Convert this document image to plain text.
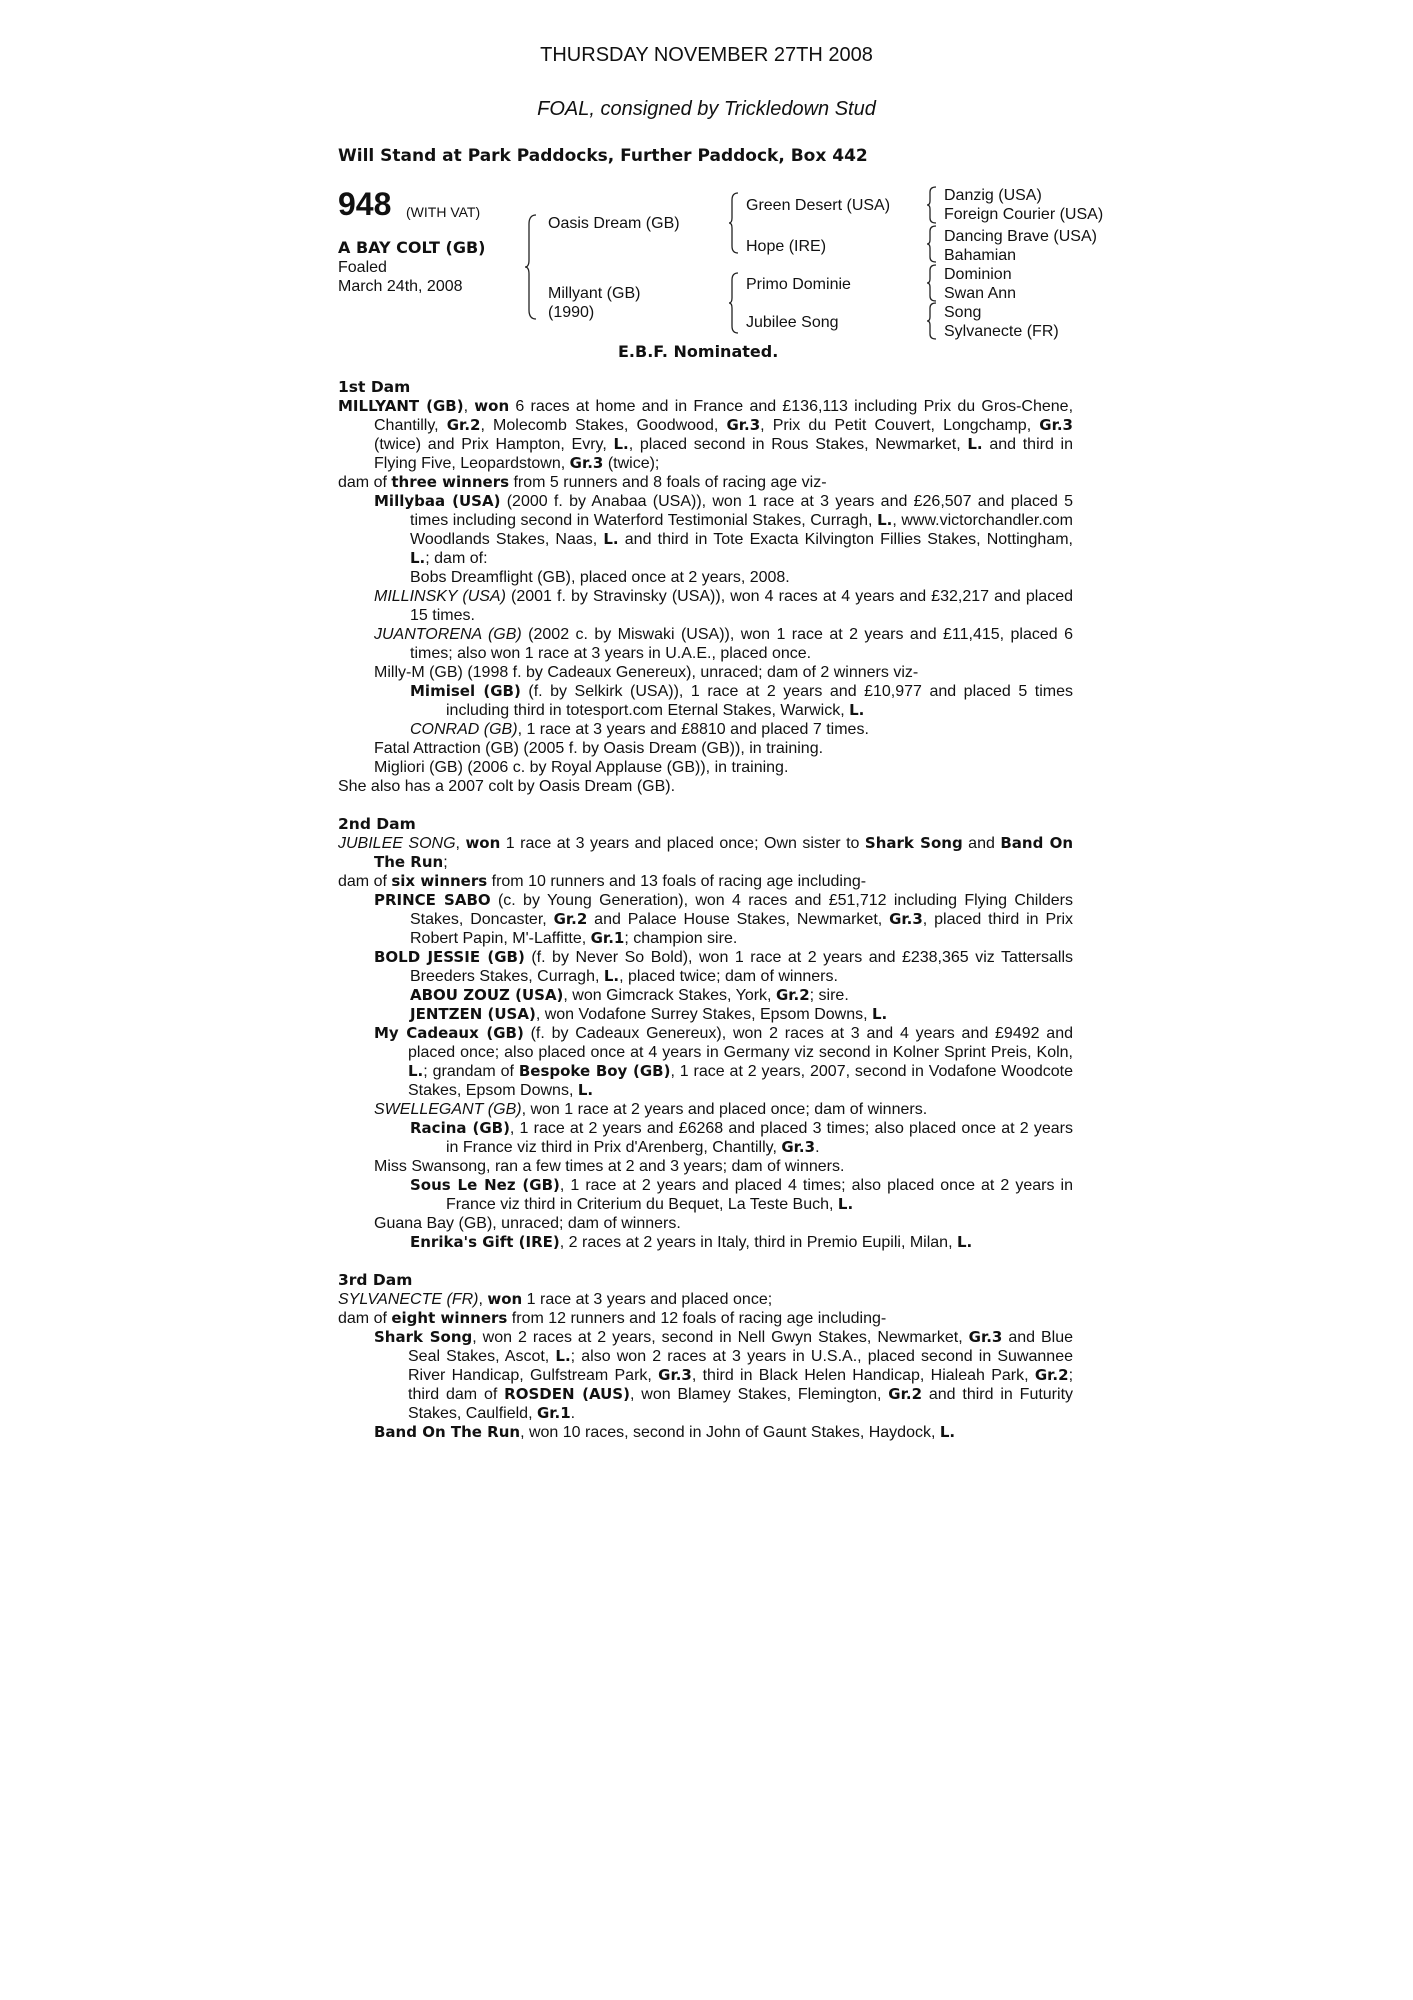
THURSDAY NOVEMBER 27TH 2008
FOAL, consigned by Trickledown Stud
Will Stand at Park Paddocks, Further Paddock, Box 442
948 (WITH VAT)
A BAY COLT (GB)
Foaled
March 24th, 2008
Oasis Dream (GB)
Millyant (GB)
(1990)
Green Desert (USA)
Hope (IRE)
Primo Dominie
Jubilee Song
Danzig (USA)
Foreign Courier (USA)
Dancing Brave (USA)
Bahamian
Dominion
Swan Ann
Song
Sylvanecte (FR)
E.B.F. Nominated.
1st Dam
MILLYANT (GB), won 6 races at home and in France and £136,113 including Prix du Gros-Chene, Chantilly, Gr.2, Molecomb Stakes, Goodwood, Gr.3, Prix du Petit Couvert, Longchamp, Gr.3 (twice) and Prix Hampton, Evry, L., placed second in Rous Stakes, Newmarket, L. and third in Flying Five, Leopardstown, Gr.3 (twice);
dam of three winners from 5 runners and 8 foals of racing age viz-
Millybaa (USA) (2000 f. by Anabaa (USA)), won 1 race at 3 years and £26,507 and placed 5 times including second in Waterford Testimonial Stakes, Curragh, L., www.victorchandler.com Woodlands Stakes, Naas, L. and third in Tote Exacta Kilvington Fillies Stakes, Nottingham, L.; dam of:
Bobs Dreamflight (GB), placed once at 2 years, 2008.
MILLINSKY (USA) (2001 f. by Stravinsky (USA)), won 4 races at 4 years and £32,217 and placed 15 times.
JUANTORENA (GB) (2002 c. by Miswaki (USA)), won 1 race at 2 years and £11,415, placed 6 times; also won 1 race at 3 years in U.A.E., placed once.
Milly-M (GB) (1998 f. by Cadeaux Genereux), unraced; dam of 2 winners viz-
Mimisel (GB) (f. by Selkirk (USA)), 1 race at 2 years and £10,977 and placed 5 times including third in totesport.com Eternal Stakes, Warwick, L.
CONRAD (GB), 1 race at 3 years and £8810 and placed 7 times.
Fatal Attraction (GB) (2005 f. by Oasis Dream (GB)), in training.
Migliori (GB) (2006 c. by Royal Applause (GB)), in training.
She also has a 2007 colt by Oasis Dream (GB).
2nd Dam
JUBILEE SONG, won 1 race at 3 years and placed once; Own sister to Shark Song and Band On The Run;
dam of six winners from 10 runners and 13 foals of racing age including-
PRINCE SABO (c. by Young Generation), won 4 races and £51,712 including Flying Childers Stakes, Doncaster, Gr.2 and Palace House Stakes, Newmarket, Gr.3, placed third in Prix Robert Papin, M'-Laffitte, Gr.1; champion sire.
BOLD JESSIE (GB) (f. by Never So Bold), won 1 race at 2 years and £238,365 viz Tattersalls Breeders Stakes, Curragh, L., placed twice; dam of winners.
ABOU ZOUZ (USA), won Gimcrack Stakes, York, Gr.2; sire.
JENTZEN (USA), won Vodafone Surrey Stakes, Epsom Downs, L.
My Cadeaux (GB) (f. by Cadeaux Genereux), won 2 races at 3 and 4 years and £9492 and placed once; also placed once at 4 years in Germany viz second in Kolner Sprint Preis, Koln, L.; grandam of Bespoke Boy (GB), 1 race at 2 years, 2007, second in Vodafone Woodcote Stakes, Epsom Downs, L.
SWELLEGANT (GB), won 1 race at 2 years and placed once; dam of winners.
Racina (GB), 1 race at 2 years and £6268 and placed 3 times; also placed once at 2 years in France viz third in Prix d'Arenberg, Chantilly, Gr.3.
Miss Swansong, ran a few times at 2 and 3 years; dam of winners.
Sous Le Nez (GB), 1 race at 2 years and placed 4 times; also placed once at 2 years in France viz third in Criterium du Bequet, La Teste Buch, L.
Guana Bay (GB), unraced; dam of winners.
Enrika's Gift (IRE), 2 races at 2 years in Italy, third in Premio Eupili, Milan, L.
3rd Dam
SYLVANECTE (FR), won 1 race at 3 years and placed once;
dam of eight winners from 12 runners and 12 foals of racing age including-
Shark Song, won 2 races at 2 years, second in Nell Gwyn Stakes, Newmarket, Gr.3 and Blue Seal Stakes, Ascot, L.; also won 2 races at 3 years in U.S.A., placed second in Suwannee River Handicap, Gulfstream Park, Gr.3, third in Black Helen Handicap, Hialeah Park, Gr.2; third dam of ROSDEN (AUS), won Blamey Stakes, Flemington, Gr.2 and third in Futurity Stakes, Caulfield, Gr.1.
Band On The Run, won 10 races, second in John of Gaunt Stakes, Haydock, L.
